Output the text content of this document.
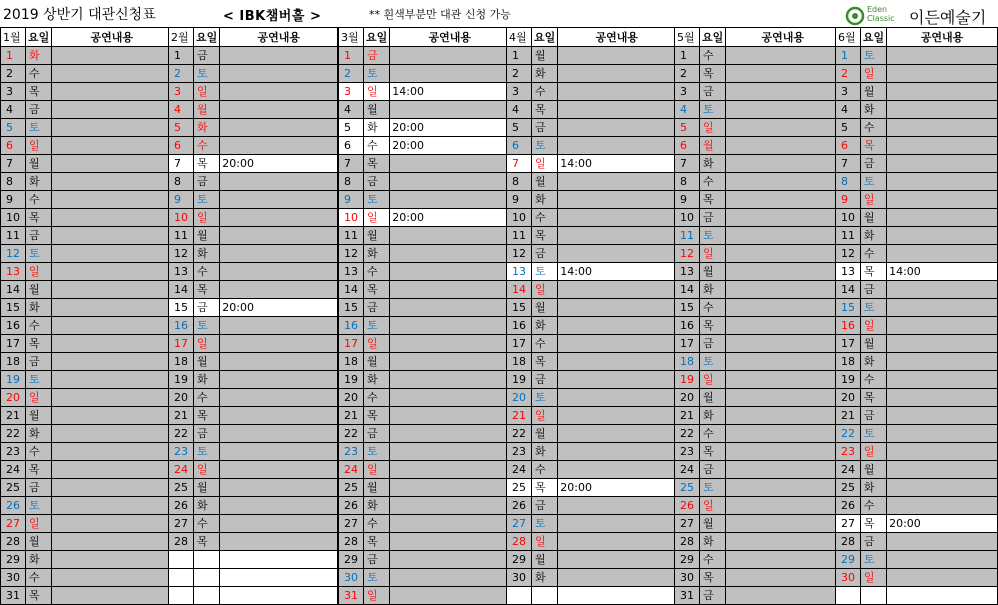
2019 상반기 대관신청표	< IBK챔버홀 >	** 흰색부분만 대관 신청 가능	Eden
Classic 이든예술기
1월	요일	공연내용
1	화	
2	수	
3	목	
4	금	
5	토	
6	일	
7	월	
8	화	
9	수	
10	목	
11	금	
12	토	
13	일	
14	월	
15	화	
16	수	
17	목	
18	금	
19	토	
20	일	
21	월	
22	화	
23	수	
24	목	
25	금	
26	토	
27	일	
28	월	
29	화	
30	수	
31	목	
2월	요일	공연내용
1	금	
2	토	
3	일	
4	월	
5	화	
6	수	
7	목	20:00
8	금	
9	토	
10	일	
11	월	
12	화	
13	수	
14	목	
15	금	20:00
16	토	
17	일	
18	월	
19	화	
20	수	
21	목	
22	금	
23	토	
24	일	
25	월	
26	화	
27	수	
28	목	

3월	요일	공연내용
1	금	
2	토	
3	일	14:00
4	월	
5	화	20:00
6	수	20:00
7	목	
8	금	
9	토	
10	일	20:00
11	월	
12	화	
13	수	
14	목	
15	금	
16	토	
17	일	
18	월	
19	화	
20	수	
21	목	
22	금	
23	토	
24	일	
25	월	
26	화	
27	수	
28	목	
29	금	
30	토	
31	일	
4월	요일	공연내용
1	월	
2	화	
3	수	
4	목	
5	금	
6	토	
7	일	14:00
8	월	
9	화	
10	수	
11	목	
12	금	
13	토	14:00
14	일	
15	월	
16	화	
17	수	
18	목	
19	금	
20	토	
21	일	
22	월	
23	화	
24	수	
25	목	20:00
26	금	
27	토	
28	일	
29	월	
30	화	

5월	요일	공연내용
1	수	
2	목	
3	금	
4	토	
5	일	
6	월	
7	화	
8	수	
9	목	
10	금	
11	토	
12	일	
13	월	
14	화	
15	수	
16	목	
17	금	
18	토	
19	일	
20	월	
21	화	
22	수	
23	목	
24	금	
25	토	
26	일	
27	월	
28	화	
29	수	
30	목	
31	금	
6월	요일	공연내용
1	토	
2	일	
3	월	
4	화	
5	수	
6	목	
7	금	
8	토	
9	일	
10	월	
11	화	
12	수	
13	목	14:00
14	금	
15	토	
16	일	
17	월	
18	화	
19	수	
20	목	
21	금	
22	토	
23	일	
24	월	
25	화	
26	수	
27	목	20:00
28	금	
29	토	
30	일	
